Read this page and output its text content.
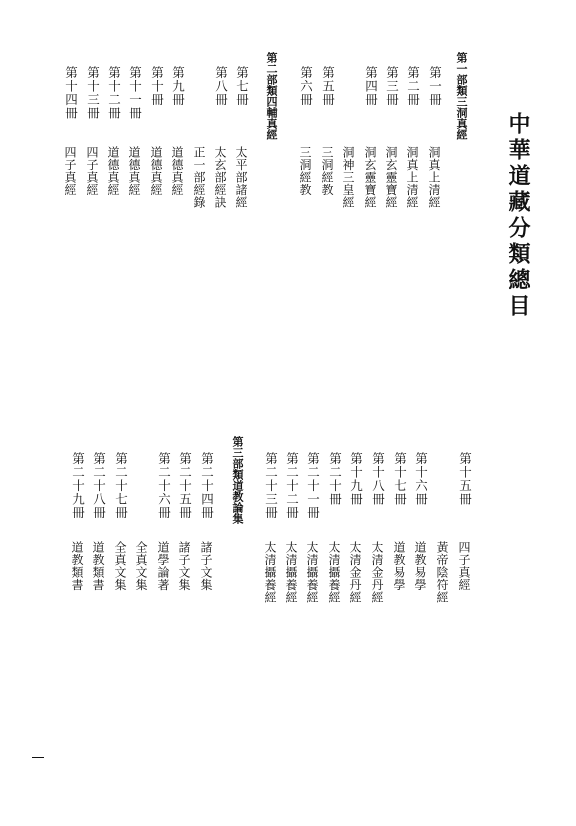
中華道藏分類總目
第一部類三洞真經
第二部類四輔真經
第三部類道教論集
第一冊
第二冊
第三冊
第四冊
第五冊
第六冊
第七冊
第八冊
第九冊
第十冊
第十一冊
第十二冊
第十三冊
第十四冊
洞真上清經
洞真上清經
洞玄靈寶經
洞玄靈寶經
洞神三皇經
三洞經教
三洞經教
太平部諸經
太玄部經訣
正一部經錄
道德真經
道德真經
道德真經
道德真經
四子真經
四子真經
第十五冊
第十六冊
第十七冊
第十八冊
第十九冊
第二十冊
第二十一冊
第二十二冊
第二十三冊
第二十四冊
第二十五冊
第二十六冊
第二十七冊
第二十八冊
第二十九冊
四子真經
黃帝陰符經
道教易學
道教易學
太清金丹經
太清金丹經
太清攝養經
太清攝養經
太清攝養經
太清攝養經
諸子文集
諸子文集
道學論著
全真文集
全真文集
道教類書
道教類書
